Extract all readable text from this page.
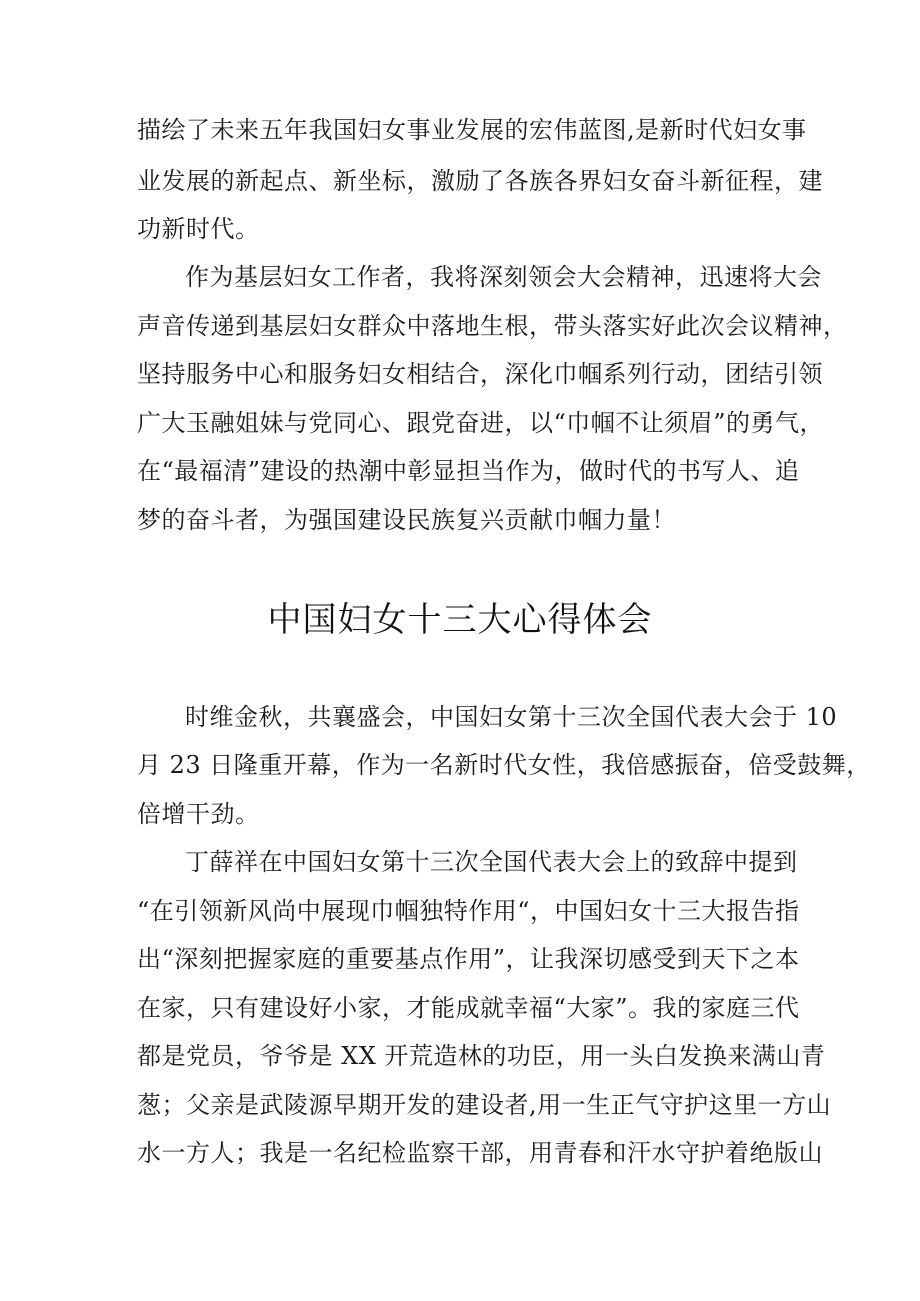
描绘了未来五年我国妇女事业发展的宏伟蓝图,是新时代妇女事
业发展的新起点、新坐标，激励了各族各界妇女奋斗新征程，建
功新时代。
作为基层妇女工作者，我将深刻领会大会精神，迅速将大会
声音传递到基层妇女群众中落地生根，带头落实好此次会议精神，
坚持服务中心和服务妇女相结合，深化巾帼系列行动，团结引领
广大玉融姐妹与党同心、跟党奋进，以“巾帼不让须眉”的勇气，
在“最福清”建设的热潮中彰显担当作为，做时代的书写人、追
梦的奋斗者，为强国建设民族复兴贡献巾帼力量！
中国妇女十三大心得体会
时维金秋，共襄盛会，中国妇女第十三次全国代表大会于 10
月 23 日隆重开幕，作为一名新时代女性，我倍感振奋，倍受鼓舞，
倍增干劲。
丁薛祥在中国妇女第十三次全国代表大会上的致辞中提到
“在引领新风尚中展现巾帼独特作用“，中国妇女十三大报告指
出“深刻把握家庭的重要基点作用”，让我深切感受到天下之本
在家，只有建设好小家，才能成就幸福“大家”。我的家庭三代
都是党员，爷爷是 XX 开荒造林的功臣，用一头白发换来满山青
葱；父亲是武陵源早期开发的建设者,用一生正气守护这里一方山
水一方人；我是一名纪检监察干部，用青春和汗水守护着绝版山
